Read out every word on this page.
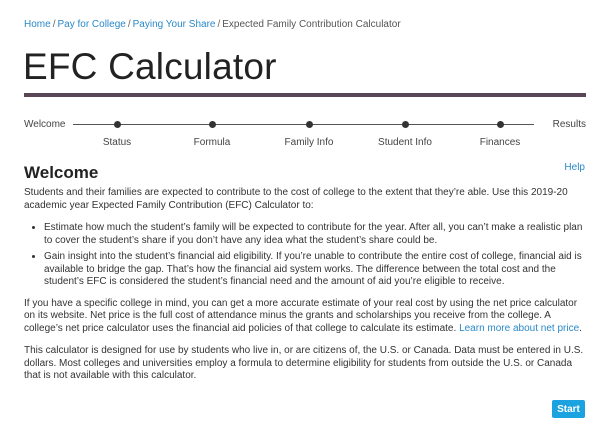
Home / Pay for College / Paying Your Share / Expected Family Contribution Calculator
EFC Calculator
Welcome	Results
Status	Formula	Family Info	Student Info	Finances
Welcome	Help

Students and their families are expected to contribute to the cost of college to the extent that they’re able. Use this 2019-20 academic year Expected Family Contribution (EFC) Calculator to:

• Estimate how much the student’s family will be expected to contribute for the year. After all, you can’t make a realistic plan to cover the student’s share if you don’t have any idea what the student’s share could be.
• Gain insight into the student’s financial aid eligibility. If you’re unable to contribute the entire cost of college, financial aid is available to bridge the gap. That’s how the financial aid system works. The difference between the total cost and the student’s EFC is considered the student’s financial need and the amount of aid you’re eligible to receive.

If you have a specific college in mind, you can get a more accurate estimate of your real cost by using the net price calculator on its website. Net price is the full cost of attendance minus the grants and scholarships you receive from the college. A college’s net price calculator uses the financial aid policies of that college to calculate its estimate. Learn more about net price.

This calculator is designed for use by students who live in, or are citizens of, the U.S. or Canada. Data must be entered in U.S. dollars. Most colleges and universities employ a formula to determine eligibility for students from outside the U.S. or Canada that is not available with this calculator.

Start
